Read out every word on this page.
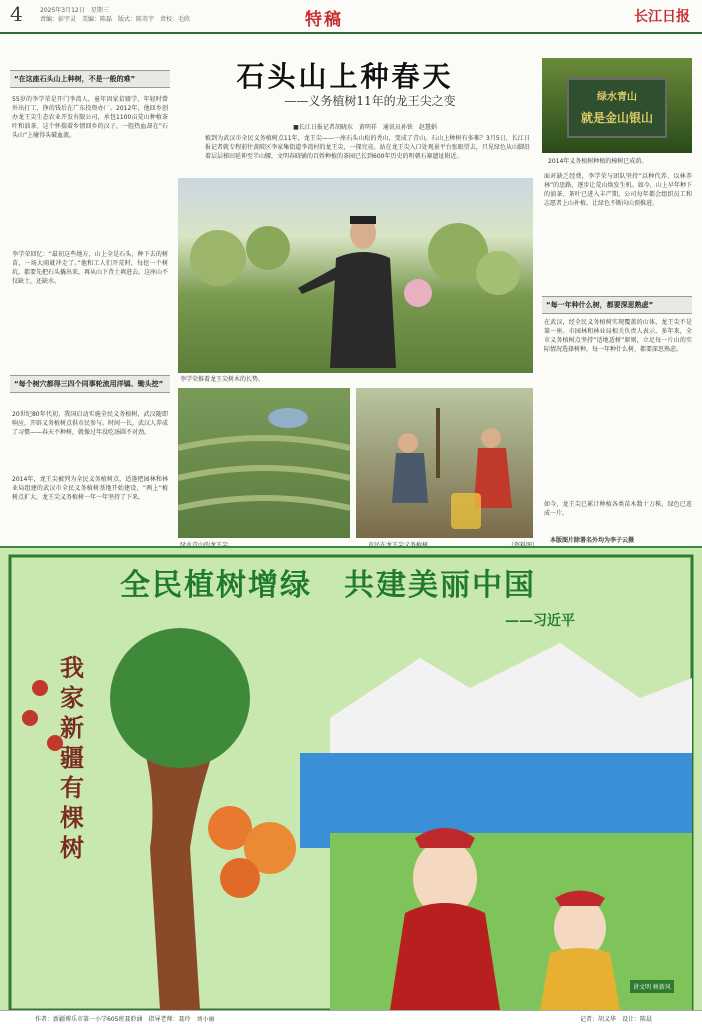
4	2025年3月12日　星期三
责编：彭宇灵　美编：陈磊　版式：陈英宇　责校：毛欣	特稿	长江日报
“在这座石头山上种树，不是一般的难”
55岁的李学荣是开门李湾人，童年因家贫辍学，年轻时曾外出打工，挣的钱后在广东投资办厂。2012年，他回乡创办龙王尖生态农业开发有限公司，承包1100亩荒山种植茶叶和油茶。这个怀揣着乡情回乡的汉子，一腔热血却在“石头山”上碰得头破血流。
李学荣回忆：“最初这些地方，山上全是石头，种下去的树苗，一场大雨就冲走了。”他和工人们开荒时，每挖一个树坑，都要先把石头撬出来，再从山下背土填进去。这座山不仅缺土，还缺水。
“每个树穴都得三四个同事轮流用洋镐、锄头挖”
20世纪80年代初，我国启动实施全民义务植树，武汉随即响应，开辟义务植树点供市民参与。时间一长，武汉人养成了习惯——春天不种树，就像过年没吃汤圆不对劲。
2014年，龙王尖被列为全民义务植树点，适逢把园林和林业局组建的武汉市全民义务植树基地开始建设，“两上”植树点扩大，龙王尖义务植树一年一年坚持了下来。
石头山上种春天
——义务植树11年的龙王尖之变
■长江日报记者胡晓东　黄明祥　通讯员孙铁　赵慧娟
植到为武汉市全民义务植树点11年，龙王尖——一座石头山松的秃山，变成了青山。石山上种树有多难？3月5日，长江日报记者就专程前往黄陂区李家集街道李湾村的龙王尖，一探究竟。站在龙王尖入口处观景平台张眼望去，只见绿色从山脚沿着层层梯田延伸至半山腰，文明春晓铺的百姓种植的茶园已长到600年历史的明朝石寨遗址附近。
李学荣推着龙王尖树木的长势。
绿水青山
就是金山银山
2014年义务植树种植的樟树已成荫。
面对缺乏经费，李学荣与团队坚持“以种代养、以林养林”的思路，逐步让荒山焕发生机。如今，山上早年种下的油茶、茶叶已进入丰产期，公司每年都会组织员工和志愿者上山补植，让绿色不断向山顶推进。
“每一年种什么树，都要深思熟虑”
在武汉，经全民义务植树实现覆盖的山体，龙王尖不是第一座。市园林和林业局相关负责人表示，多年来，全市义务植树点坚持“适地适树”原则，立足每一片山的实际情况选择树种，每一年种什么树，都要深思熟虑。
如今，龙王尖已累计种植各类苗木数十万株，绿色已连成一片。
本版图片除署名外均为李子云摄
全民植树增绿　共建美丽中国
——习近平
我家新疆有棵树
讲文明 树新风
作者：新疆博乐市第一小学605班聂聆涵　指导老师：聂玲　刘小丽	记者：胡义华　设计：陈晨
